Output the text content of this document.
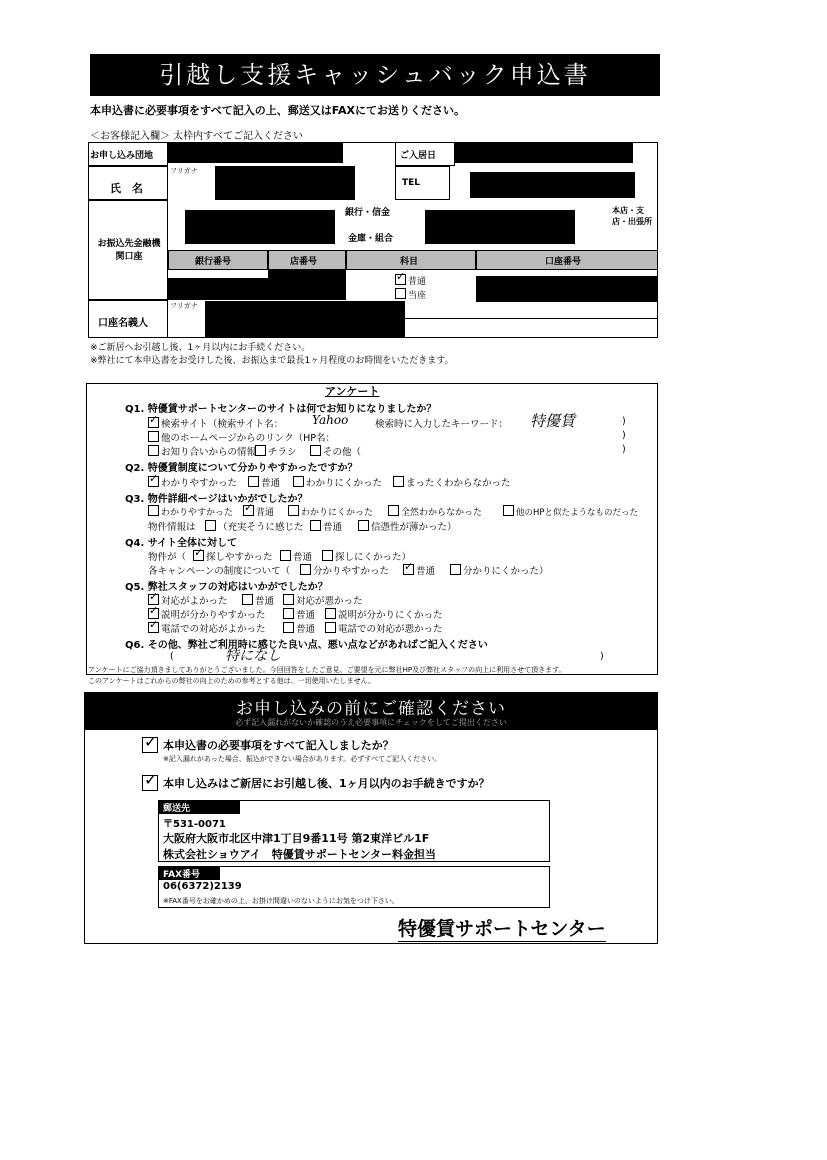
引越し支援キャッシュバック申込書
本申込書に必要事項をすべて記入の上、郵送又はFAXにてお送りください。
＜お客様記入欄＞ 太枠内すべてご記入ください
お申し込み団地	ご入居日
氏　名
フリガナ
TEL
お振込先金融機関口座
銀行・信金
金庫・組合
本店・支店・出張所
銀行番号	店番号	科目	口座番号
✓普通
当座
口座名義人
フリガナ
※ご新居へお引越し後、1ヶ月以内にお手続ください。
※弊社にて本申込書をお受けした後、お振込まで最長1ヶ月程度のお時間をいただきます。
アンケート
Q1. 特優賃サポートセンターのサイトは何でお知りになりましたか？
✓検索サイト（検索サイト名： Yahoo	検索時に入力したキーワード： 特優賃	)
他のホームページからのリンク（HP名：	)
お知り合いからの情報	チラシ	その他（	)
Q2. 特優賃制度について分かりやすかったですか？
✓わかりやすかった	普通	わかりにくかった	まったくわからなかった
Q3. 物件詳細ページはいかがでしたか？
わかりやすかった ✓	普通	わかりにくかった	全然わからなかった	他のHPと似たようなものだった
物件情報は	（充実そうに感じた	普通	信憑性が薄かった）
Q4. サイト全体に対して
物件が（ ✓	探しやすかった	普通	探しにくかった）
各キャンペーンの制度について（	分かりやすかった ✓	普通	分かりにくかった）
Q5. 弊社スタッフの対応はいかがでしたか？
✓対応がよかった	普通	対応が悪かった
✓説明が分かりやすかった	普通	説明が分かりにくかった
✓電話での対応がよかった	普通	電話での対応が悪かった
Q6. その他、弊社ご利用時に感じた良い点、悪い点などがあればご記入ください
(	特になし	)
アンケートにご協力頂きましてありがとうございました。今回回答をしたご意見、ご要望を元に弊社HP及び弊社スタッフの向上に利用させて頂きます。
このアンケートはこれからの弊社の向上のための参考とする他は、一切使用いたしません。
お申し込みの前にご確認ください
必ず記入漏れがないか確認のうえ必要事項にチェックをしてご提出ください
✓
本申込書の必要事項をすべて記入しましたか？
※記入漏れがあった場合、振込ができない場合があります。必ずすべてご記入ください。
✓
本申し込みはご新居にお引越し後、1ヶ月以内のお手続きですか？
郵送先
〒531-0071
大阪府大阪市北区中津1丁目9番11号 第2東洋ビル1F
株式会社ショウアイ　特優賃サポートセンター料金担当
FAX番号
06(6372)2139
※FAX番号をお確かめの上、お掛け間違いのないようにお気をつけ下さい。
特優賃サポートセンター
